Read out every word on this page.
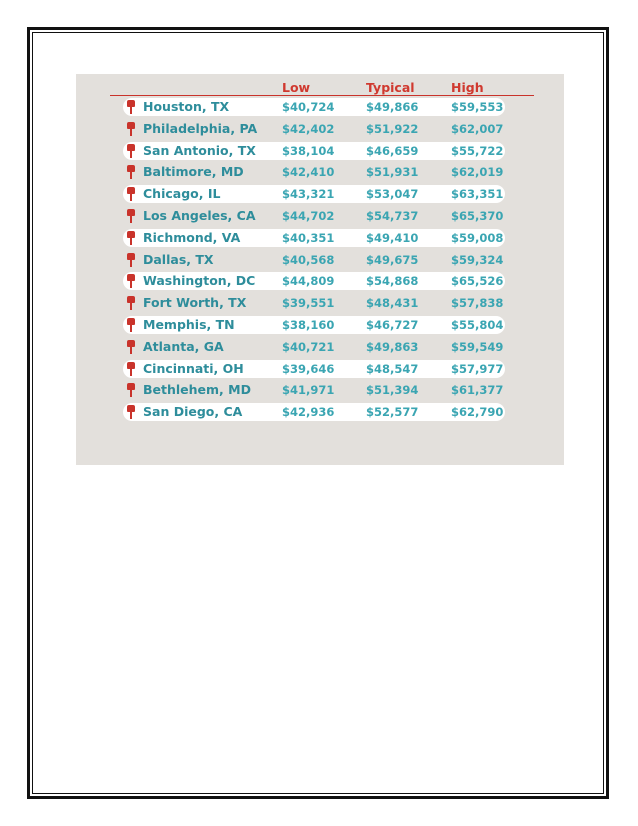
Low	Typical	High
Houston, TX	$40,724	$49,866	$59,553
Philadelphia, PA $42,402	$51,922	$62,007
San Antonio, TX $38,104	$46,659	$55,722
Baltimore, MD	$42,410	$51,931	$62,019
Chicago, IL	$43,321	$53,047	$63,351
Los Angeles, CA $44,702	$54,737	$65,370
Richmond, VA	$40,351	$49,410	$59,008
Dallas, TX	$40,568	$49,675	$59,324
Washington, DC $44,809	$54,868	$65,526
Fort Worth, TX	$39,551	$48,431	$57,838
Memphis, TN	$38,160	$46,727	$55,804
Atlanta, GA	$40,721	$49,863	$59,549
Cincinnati, OH	$39,646	$48,547	$57,977
Bethlehem, MD	$41,971	$51,394	$61,377
San Diego, CA	$42,936	$52,577	$62,790
